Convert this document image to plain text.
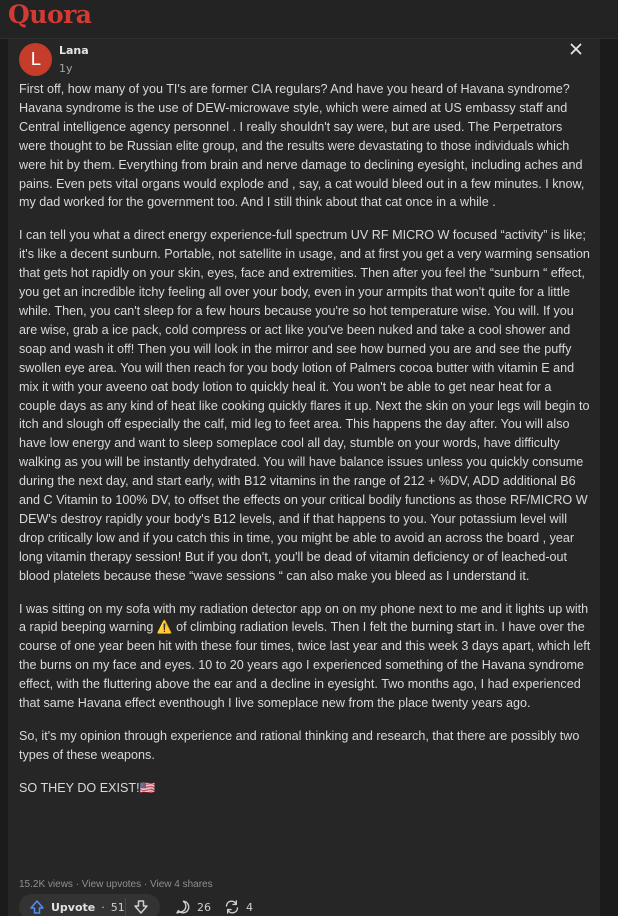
Quora
L	Lana
1y

First off, how many of you TI's are former CIA regulars? And have you heard of Havana syndrome? Havana syndrome is the use of DEW-microwave style, which were aimed at US embassy staff and Central intelligence agency personnel . I really shouldn't say were, but are used. The Perpetrators were thought to be Russian elite group, and the results were devastating to those individuals which were hit by them. Everything from brain and nerve damage to declining eyesight, including aches and pains. Even pets vital organs would explode and , say, a cat would bleed out in a few minutes. I know, my dad worked for the government too. And I still think about that cat once in a while .

I can tell you what a direct energy experience-full spectrum UV RF MICRO W focused “activity” is like; it's like a decent sunburn. Portable, not satellite in usage, and at first you get a very warming sensation that gets hot rapidly on your skin, eyes, face and extremities. Then after you feel the “sunburn “ effect, you get an incredible itchy feeling all over your body, even in your armpits that won't quite for a little while. Then, you can't sleep for a few hours because you're so hot temperature wise. You will. If you are wise, grab a ice pack, cold compress or act like you've been nuked and take a cool shower and soap and wash it off! Then you will look in the mirror and see how burned you are and see the puffy swollen eye area. You will then reach for you body lotion of Palmers cocoa butter with vitamin E and mix it with your aveeno oat body lotion to quickly heal it. You won't be able to get near heat for a couple days as any kind of heat like cooking quickly flares it up. Next the skin on your legs will begin to itch and slough off especially the calf, mid leg to feet area. This happens the day after. You will also have low energy and want to sleep someplace cool all day, stumble on your words, have difficulty walking as you will be instantly dehydrated. You will have balance issues unless you quickly consume during the next day, and start early, with B12 vitamins in the range of 212 + %DV, ADD additional B6 and C Vitamin to 100% DV, to offset the effects on your critical bodily functions as those RF/MICRO W DEW's destroy rapidly your body's B12 levels, and if that happens to you. Your potassium level will drop critically low and if you catch this in time, you might be able to avoid an across the board , year long vitamin therapy session! But if you don't, you'll be dead of vitamin deficiency or of leached-out blood platelets because these “wave sessions “ can also make you bleed as I understand it.

I was sitting on my sofa with my radiation detector app on on my phone next to me and it lights up with a rapid beeping warning ⚠️ of climbing radiation levels. Then I felt the burning start in. I have over the course of one year been hit with these four times, twice last year and this week 3 days apart, which left the burns on my face and eyes. 10 to 20 years ago I experienced something of the Havana syndrome effect, with the fluttering above the ear and a decline in eyesight. Two months ago, I had experienced that same Havana effect eventhough I live someplace new from the place twenty years ago.

So, it's my opinion through experience and rational thinking and research, that there are possibly two types of these weapons.

SO THEY DO EXIST!🇺🇸

15.2K views · View upvotes · View 4 shares
Upvote · 51	26	4
